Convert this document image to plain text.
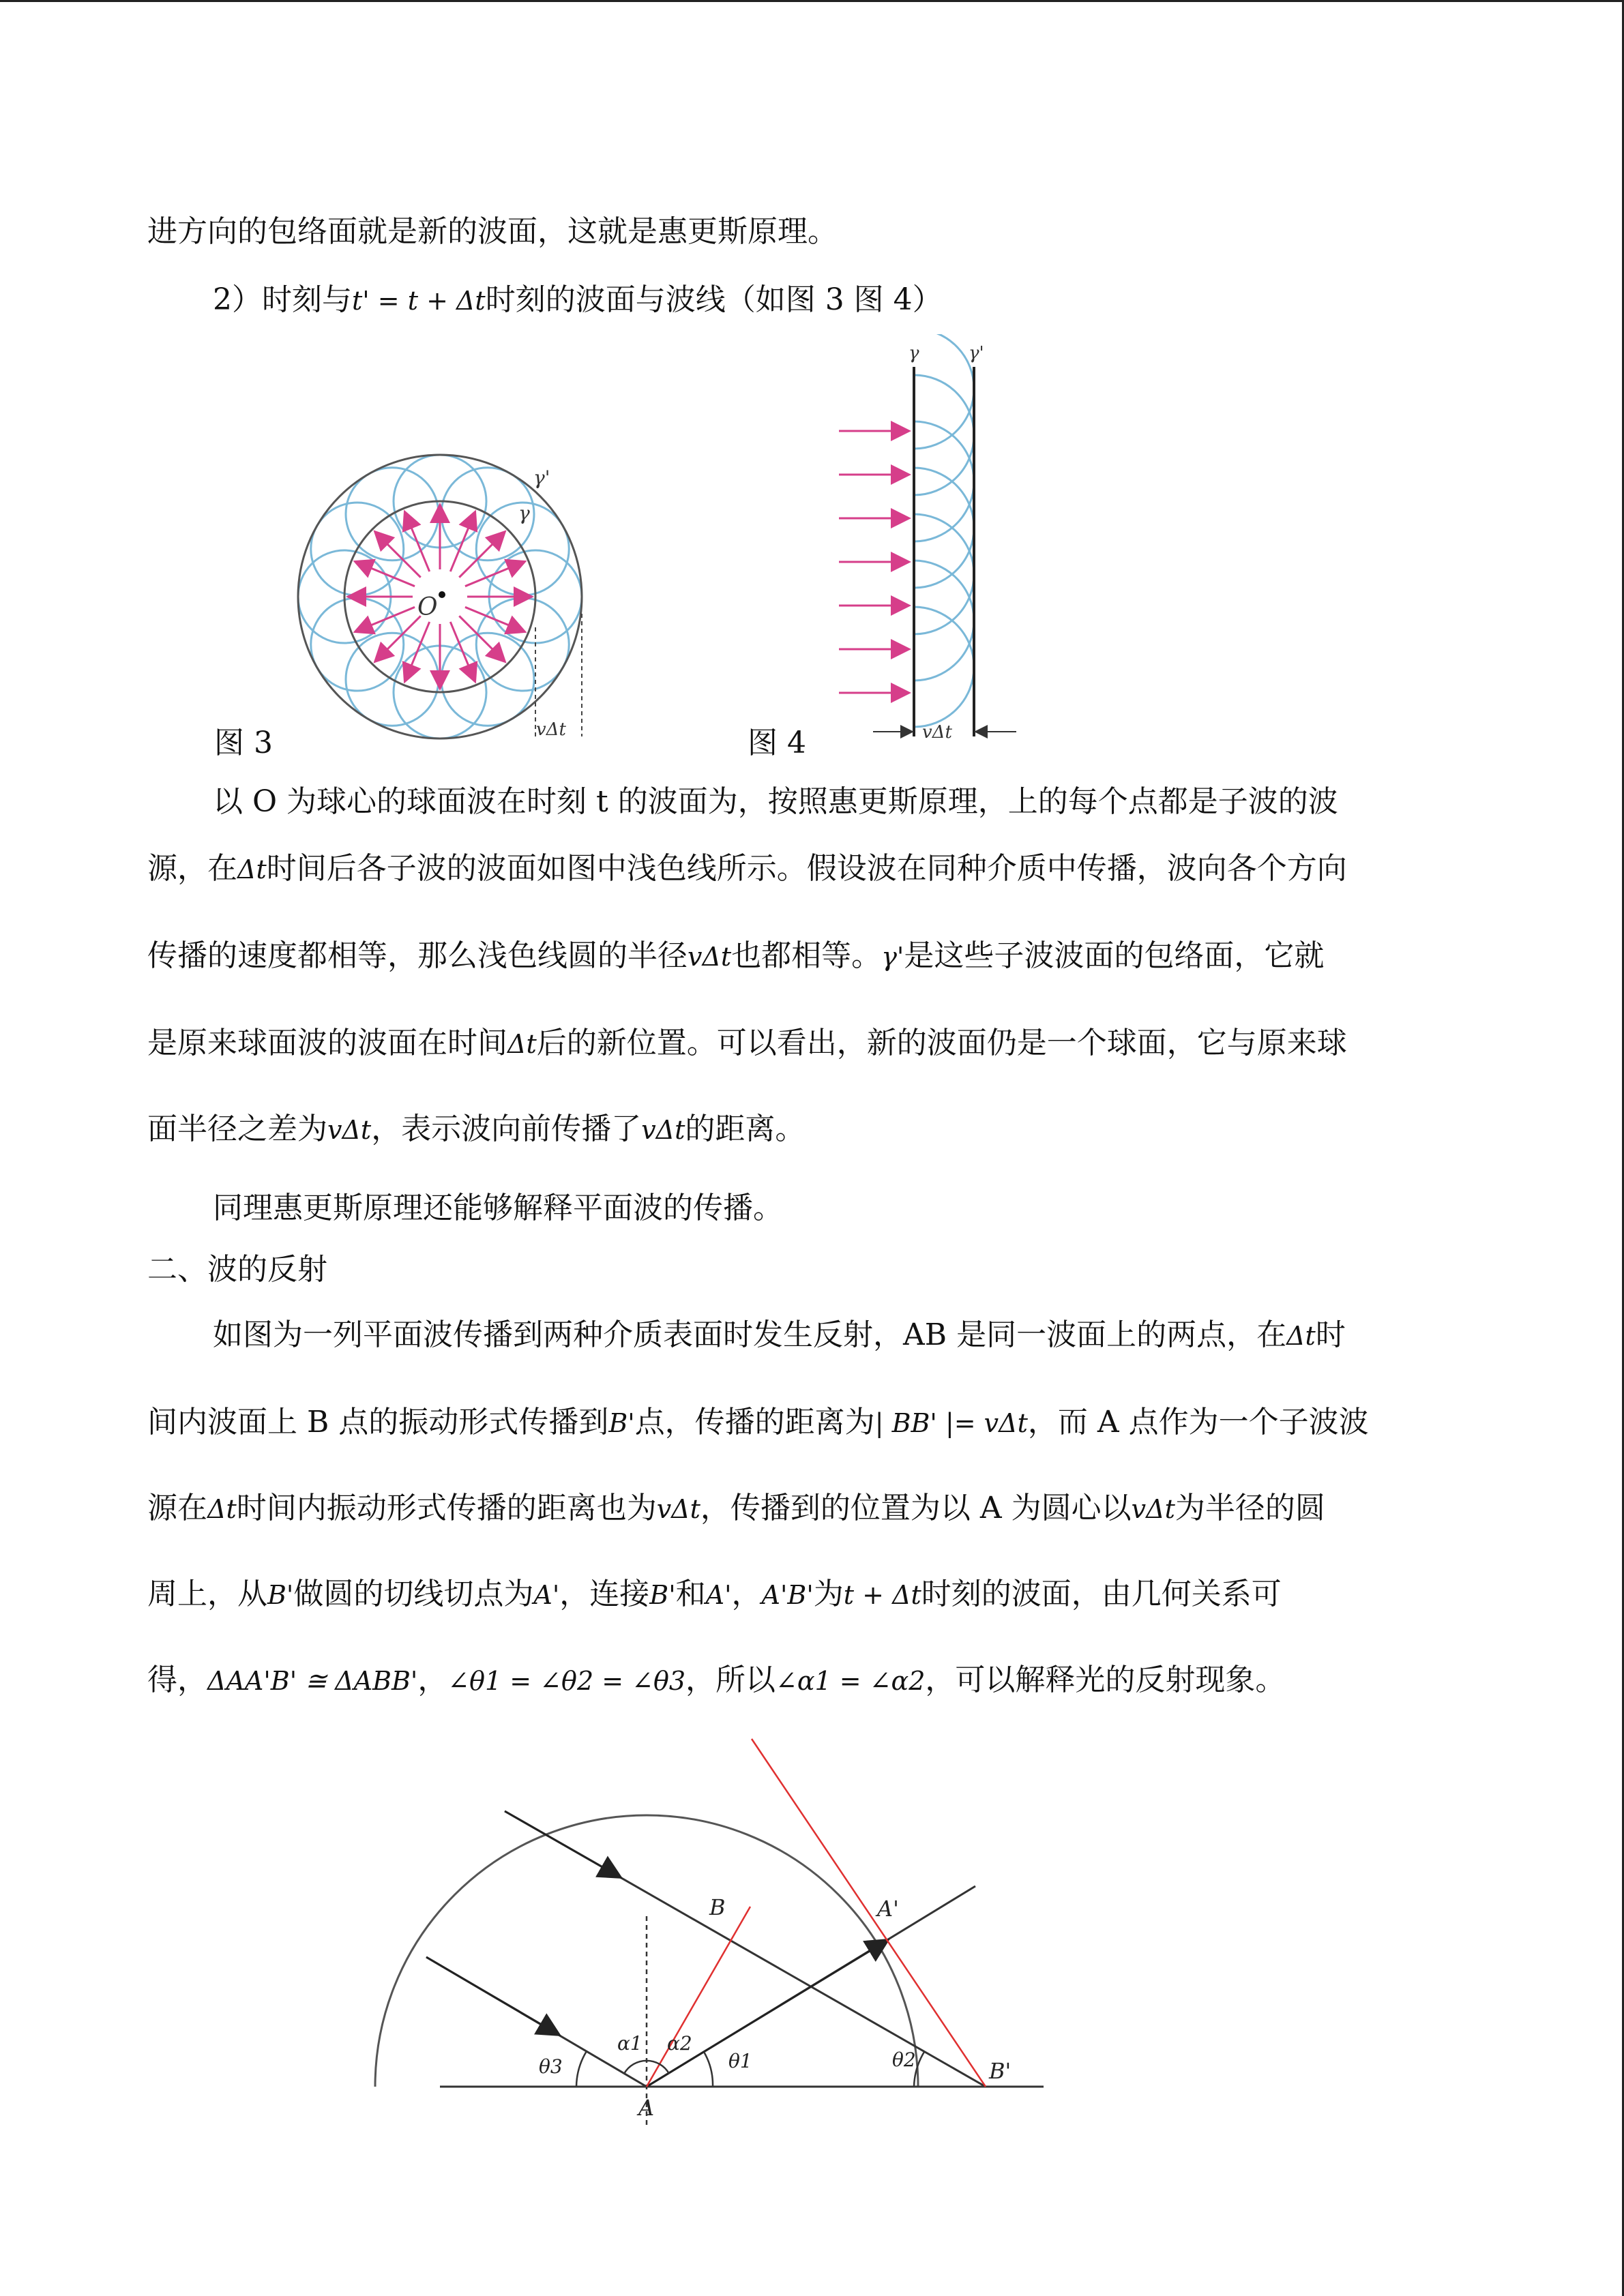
进方向的包络面就是新的波面，这就是惠更斯原理。
2）时刻与t' = t + Δt时刻的波面与波线（如图 3 图 4）
图 3	图 4
以 O 为球心的球面波在时刻 t 的波面为，按照惠更斯原理，上的每个点都是子波的波
源，在Δt时间后各子波的波面如图中浅色线所示。假设波在同种介质中传播，波向各个方向
传播的速度都相等，那么浅色线圆的半径vΔt也都相等。γ'是这些子波波面的包络面，它就
是原来球面波的波面在时间Δt后的新位置。可以看出，新的波面仍是一个球面，它与原来球
面半径之差为vΔt，表示波向前传播了vΔt的距离。
同理惠更斯原理还能够解释平面波的传播。
二、波的反射
如图为一列平面波传播到两种介质表面时发生反射，AB 是同一波面上的两点，在Δt时
间内波面上 B 点的振动形式传播到B'点，传播的距离为| BB' |= vΔt，而 A 点作为一个子波波
源在Δt时间内振动形式传播的距离也为vΔt，传播到的位置为以 A 为圆心以vΔt为半径的圆
周上，从B'做圆的切线切点为A'，连接B'和A'，A'B'为t + Δt时刻的波面，由几何关系可
得，ΔAA'B' ≅ ΔABB'，∠θ1 = ∠θ2 = ∠θ3，所以∠α1 = ∠α2，可以解释光的反射现象。
O
γ
γ'
vΔt
γ	γ'
vΔt
A
B	A'
B'
θ3	θ1	θ2
α1 α2
